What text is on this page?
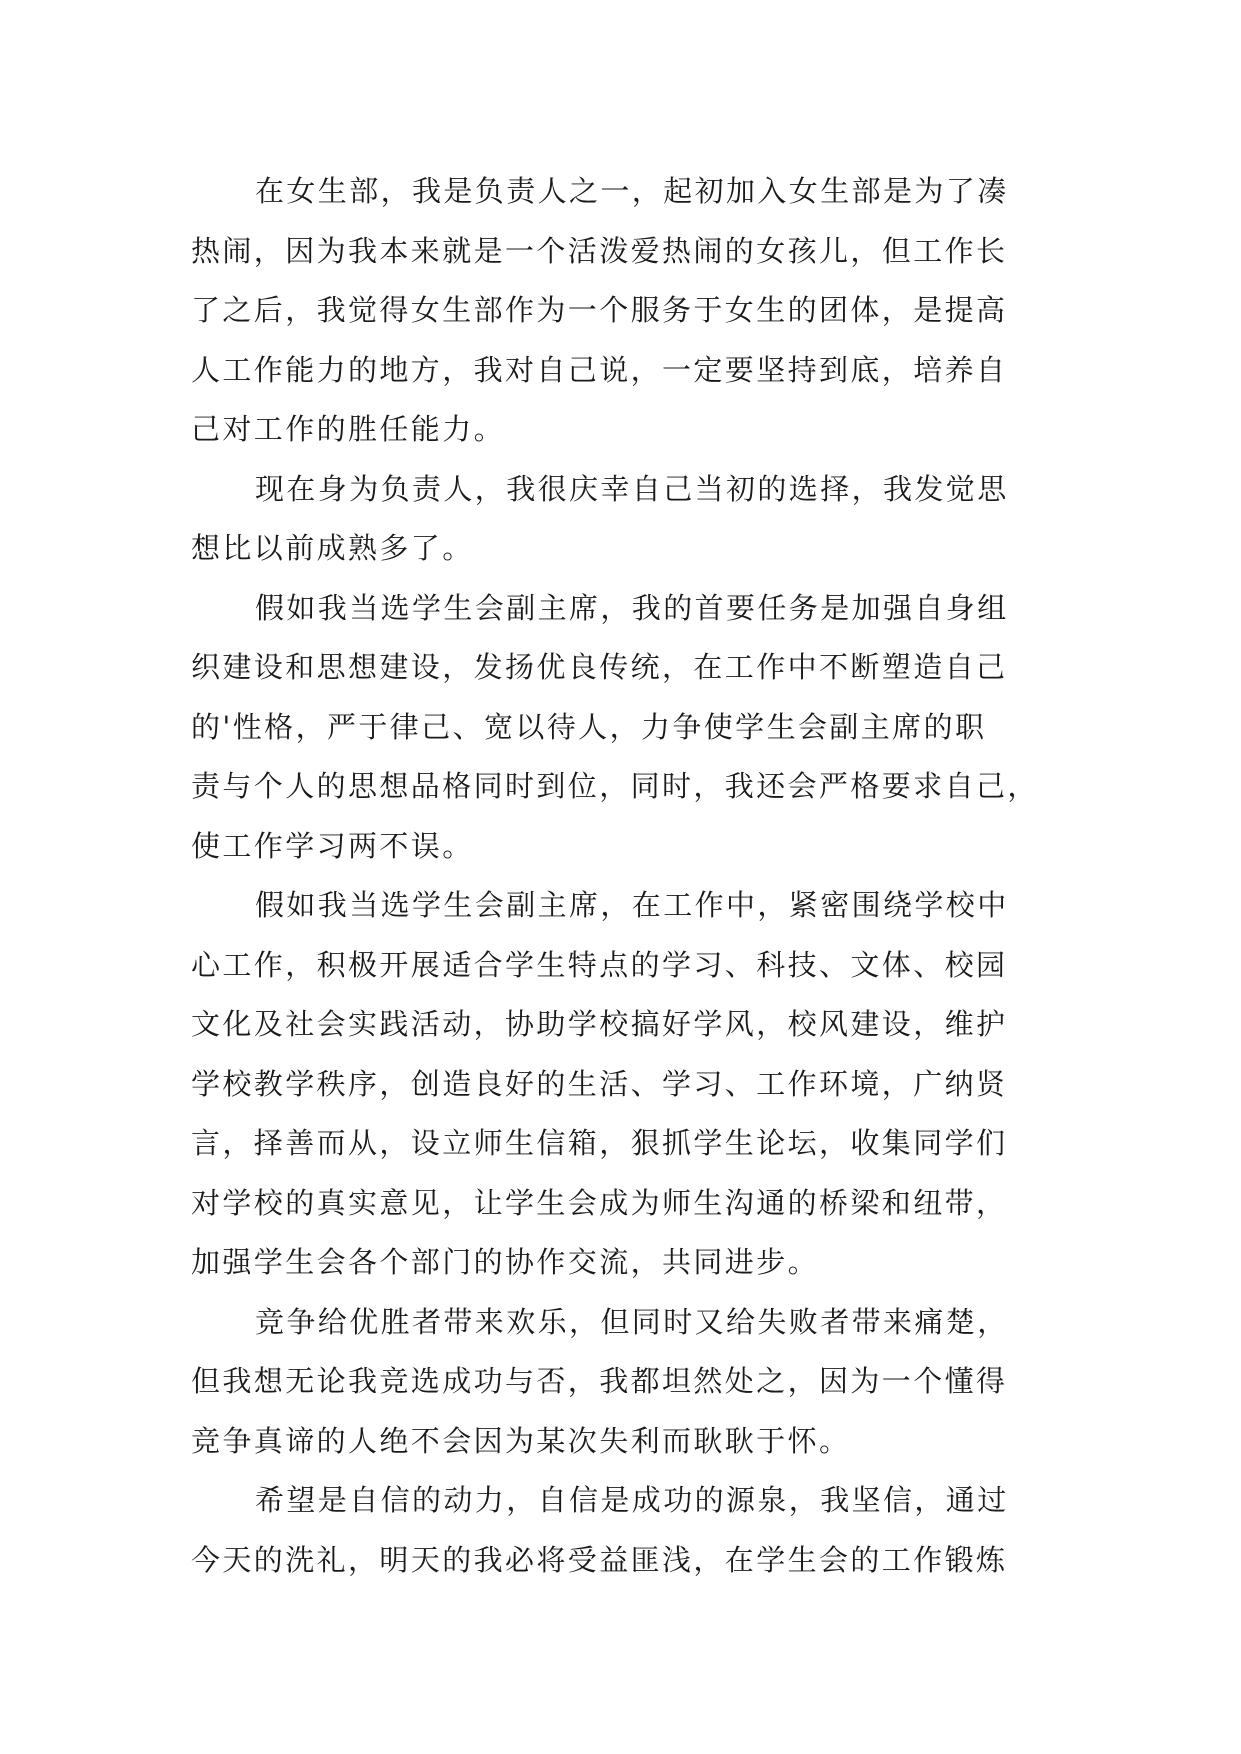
在女生部，我是负责人之一，起初加入女生部是为了凑
热闹，因为我本来就是一个活泼爱热闹的女孩儿，但工作长
了之后，我觉得女生部作为一个服务于女生的团体，是提高
人工作能力的地方，我对自己说，一定要坚持到底，培养自
己对工作的胜任能力。
现在身为负责人，我很庆幸自己当初的选择，我发觉思
想比以前成熟多了。
假如我当选学生会副主席，我的首要任务是加强自身组
织建设和思想建设，发扬优良传统，在工作中不断塑造自己
的'性格，严于律己、宽以待人，力争使学生会副主席的职
责与个人的思想品格同时到位，同时，我还会严格要求自己，
使工作学习两不误。
假如我当选学生会副主席，在工作中，紧密围绕学校中
心工作，积极开展适合学生特点的学习、科技、文体、校园
文化及社会实践活动，协助学校搞好学风，校风建设，维护
学校教学秩序，创造良好的生活、学习、工作环境，广纳贤
言，择善而从，设立师生信箱，狠抓学生论坛，收集同学们
对学校的真实意见，让学生会成为师生沟通的桥梁和纽带，
加强学生会各个部门的协作交流，共同进步。
竞争给优胜者带来欢乐，但同时又给失败者带来痛楚，
但我想无论我竞选成功与否，我都坦然处之，因为一个懂得
竞争真谛的人绝不会因为某次失利而耿耿于怀。
希望是自信的动力，自信是成功的源泉，我坚信，通过
今天的洗礼，明天的我必将受益匪浅，在学生会的工作锻炼
